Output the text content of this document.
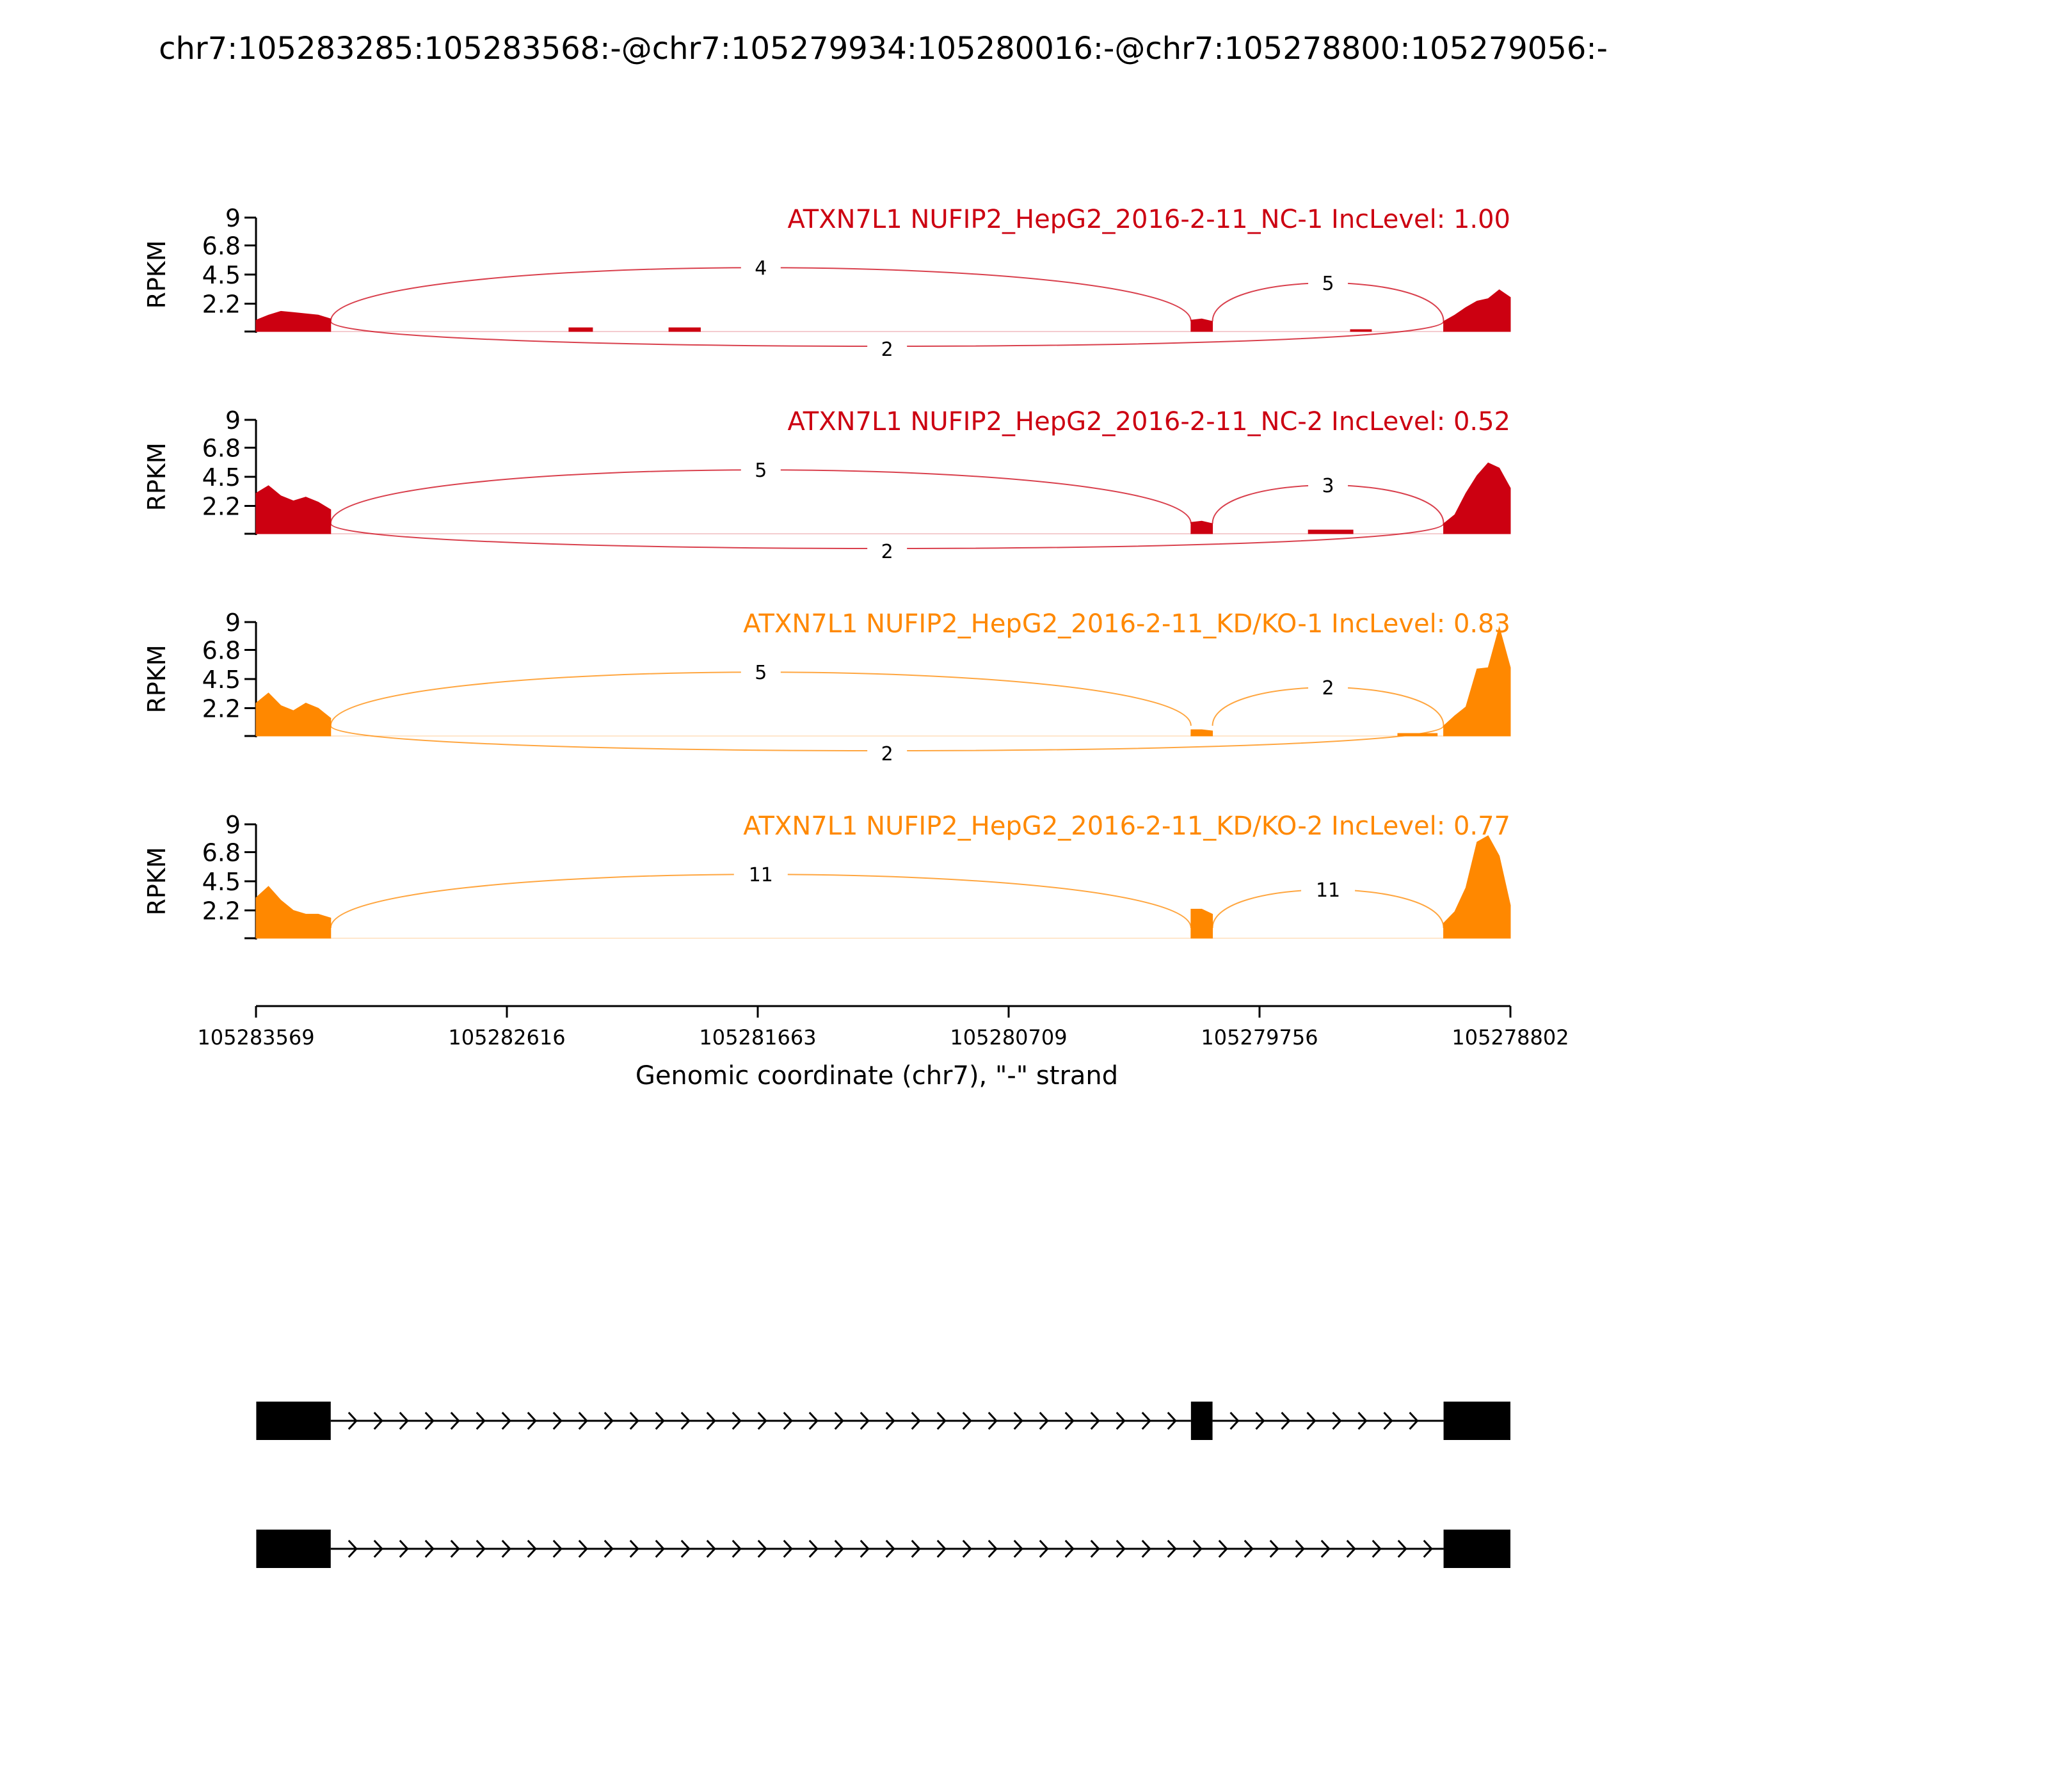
chr7:105283285:105283568:-@chr7:105279934:105280016:-@chr7:105278800:105279056:-
9
6.8
4.5
2.2
RPKM
ATXN7L1 NUFIP2_HepG2_2016-2-11_NC-1 IncLevel: 1.00
4
5
2
9
6.8
4.5
2.2
RPKM
ATXN7L1 NUFIP2_HepG2_2016-2-11_NC-2 IncLevel: 0.52
5
3
2
9
6.8
4.5
2.2
RPKM
ATXN7L1 NUFIP2_HepG2_2016-2-11_KD/KO-1 IncLevel: 0.83
5
2
2
9
6.8
4.5
2.2
RPKM
ATXN7L1 NUFIP2_HepG2_2016-2-11_KD/KO-2 IncLevel: 0.77
11
11
105283569	105282616	105281663	105280709	105279756	105278802
Genomic coordinate (chr7), "-" strand
